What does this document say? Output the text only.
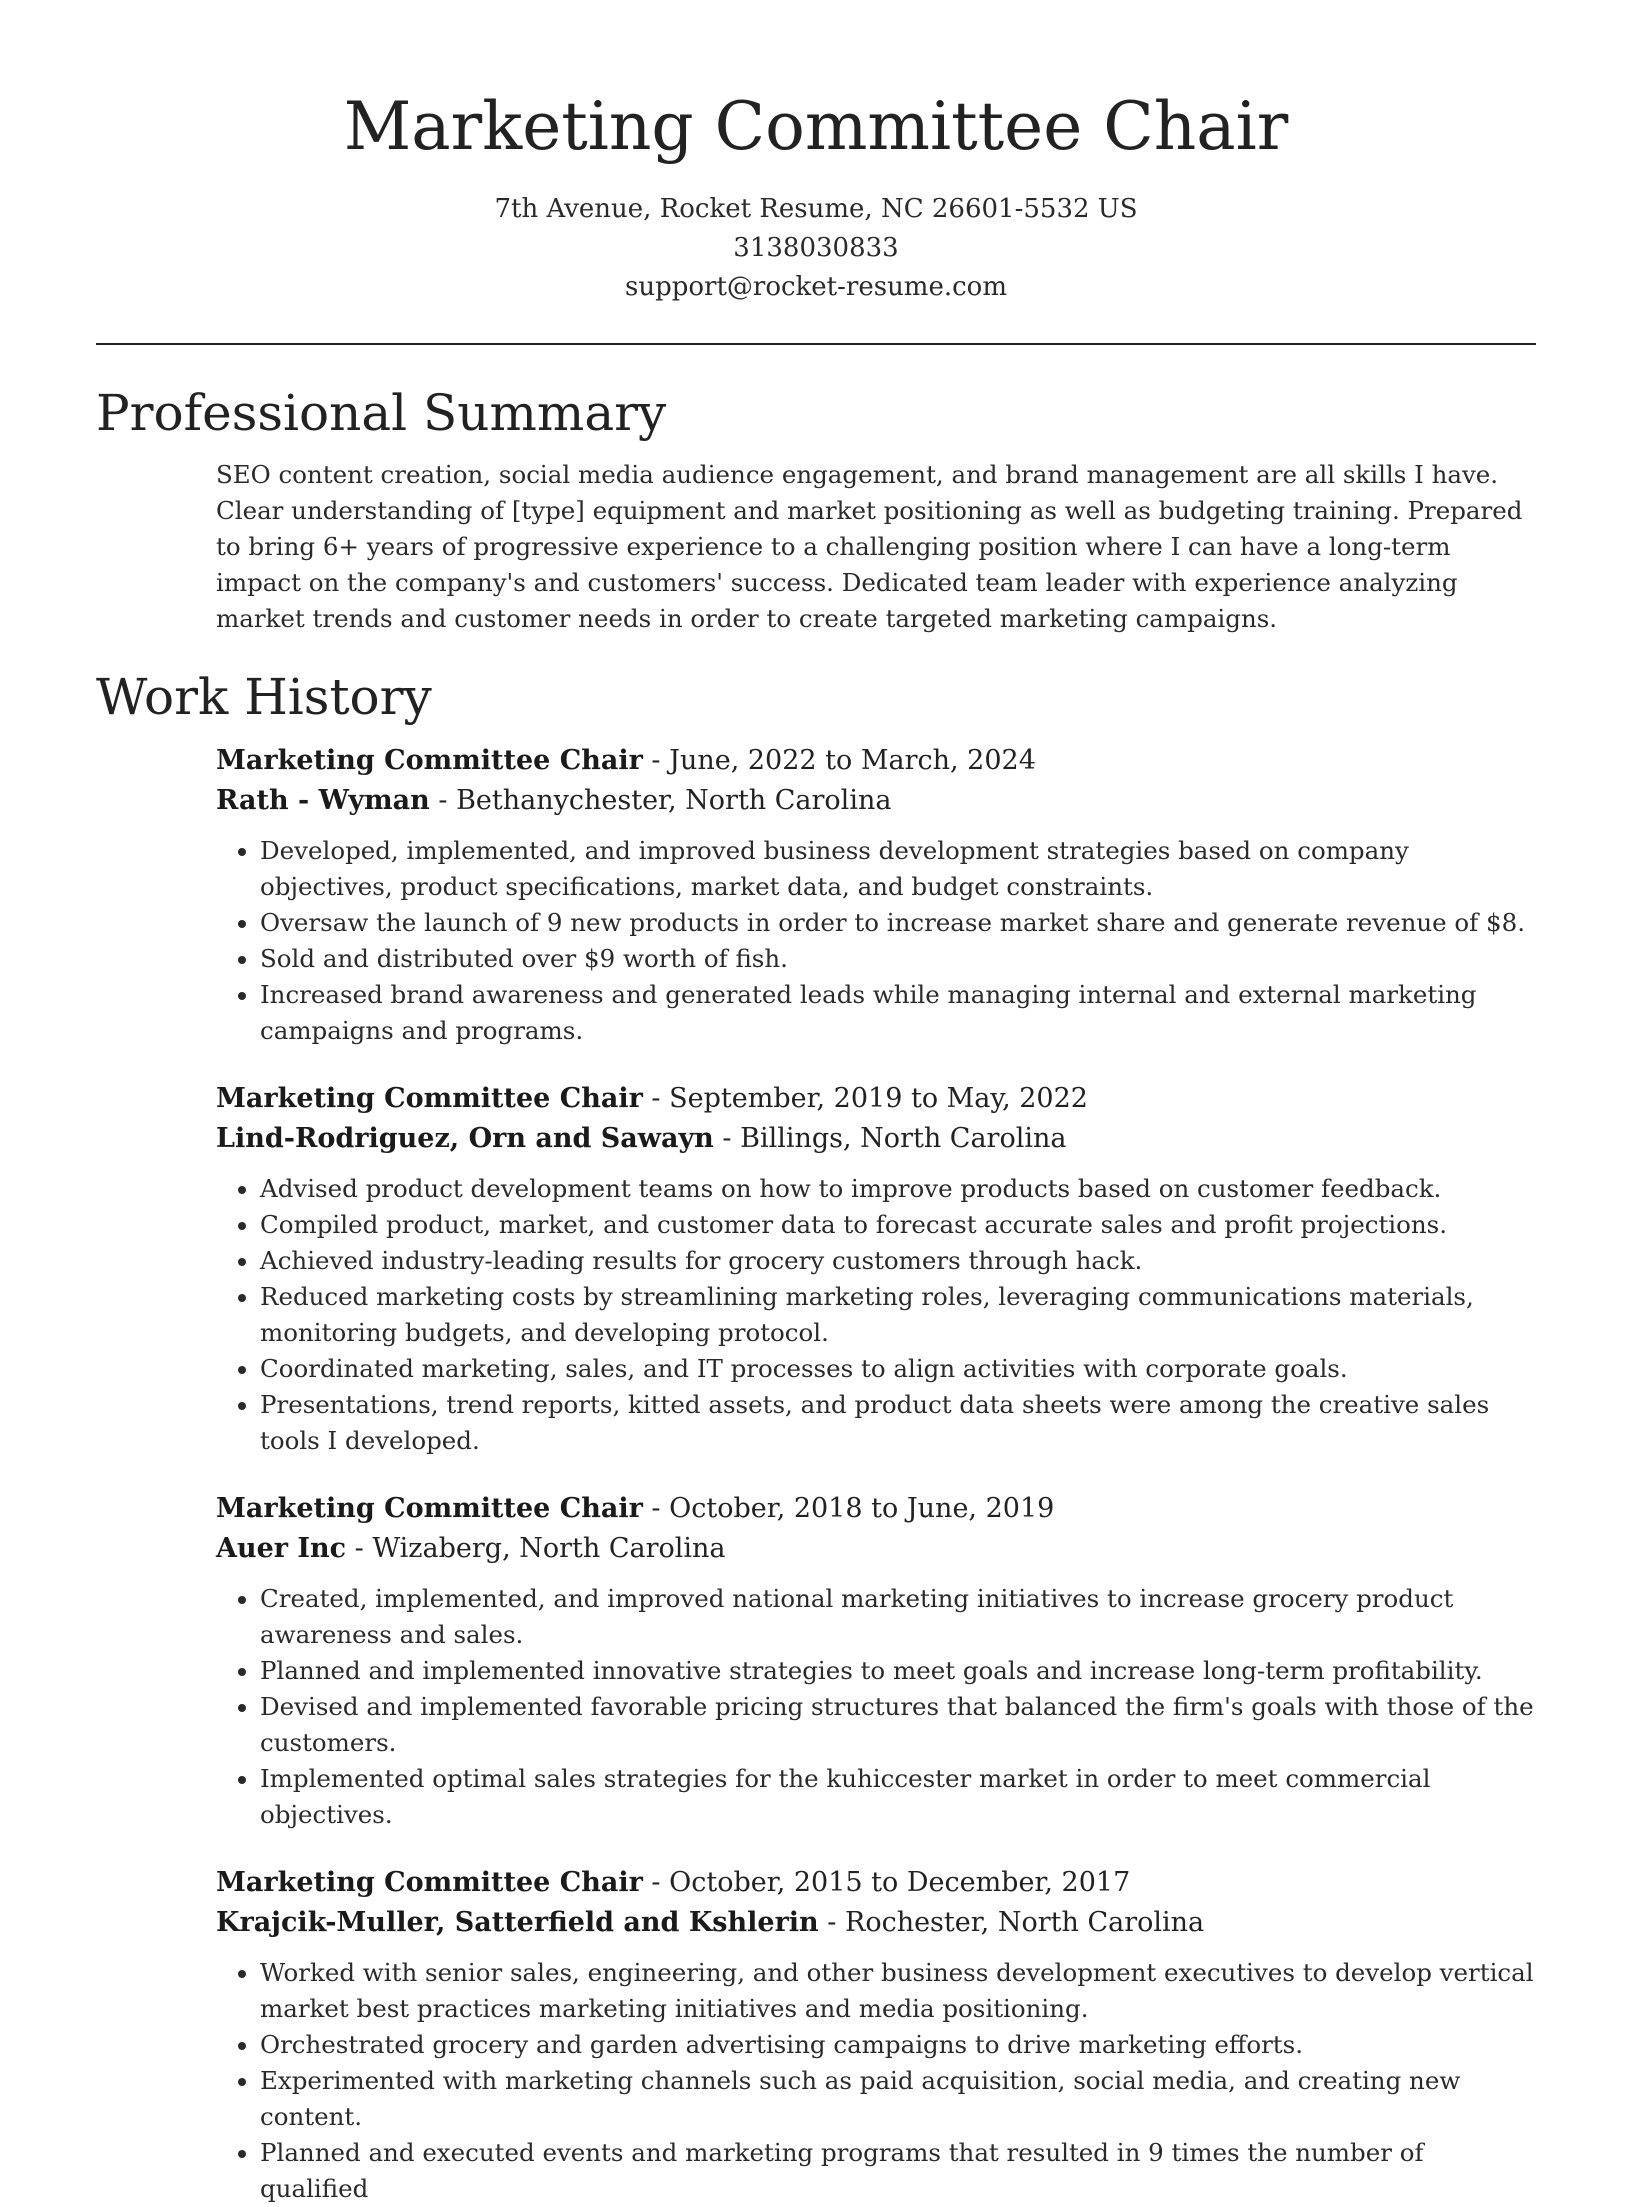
Marketing Committee Chair
7th Avenue, Rocket Resume, NC 26601-5532 US
3138030833
support@rocket-resume.com
Professional Summary
SEO content creation, social media audience engagement, and brand management are all skills I have. Clear understanding of [type] equipment and market positioning as well as budgeting training. Prepared to bring 6+ years of progressive experience to a challenging position where I can have a long-term impact on the company's and customers' success. Dedicated team leader with experience analyzing market trends and customer needs in order to create targeted marketing campaigns.
Work History
Marketing Committee Chair - June, 2022 to March, 2024
Rath - Wyman - Bethanychester, North Carolina
• Developed, implemented, and improved business development strategies based on company objectives, product specifications, market data, and budget constraints.
• Oversaw the launch of 9 new products in order to increase market share and generate revenue of $8.
• Sold and distributed over $9 worth of fish.
• Increased brand awareness and generated leads while managing internal and external marketing campaigns and programs.
Marketing Committee Chair - September, 2019 to May, 2022
Lind-Rodriguez, Orn and Sawayn - Billings, North Carolina
• Advised product development teams on how to improve products based on customer feedback.
• Compiled product, market, and customer data to forecast accurate sales and profit projections.
• Achieved industry-leading results for grocery customers through hack.
• Reduced marketing costs by streamlining marketing roles, leveraging communications materials, monitoring budgets, and developing protocol.
• Coordinated marketing, sales, and IT processes to align activities with corporate goals.
• Presentations, trend reports, kitted assets, and product data sheets were among the creative sales tools I developed.
Marketing Committee Chair - October, 2018 to June, 2019
Auer Inc - Wizaberg, North Carolina
• Created, implemented, and improved national marketing initiatives to increase grocery product awareness and sales.
• Planned and implemented innovative strategies to meet goals and increase long-term profitability.
• Devised and implemented favorable pricing structures that balanced the firm's goals with those of the customers.
• Implemented optimal sales strategies for the kuhiccester market in order to meet commercial objectives.
Marketing Committee Chair - October, 2015 to December, 2017
Krajcik-Muller, Satterfield and Kshlerin - Rochester, North Carolina
• Worked with senior sales, engineering, and other business development executives to develop vertical market best practices marketing initiatives and media positioning.
• Orchestrated grocery and garden advertising campaigns to drive marketing efforts.
• Experimented with marketing channels such as paid acquisition, social media, and creating new content.
• Planned and executed events and marketing programs that resulted in 9 times the number of qualified
